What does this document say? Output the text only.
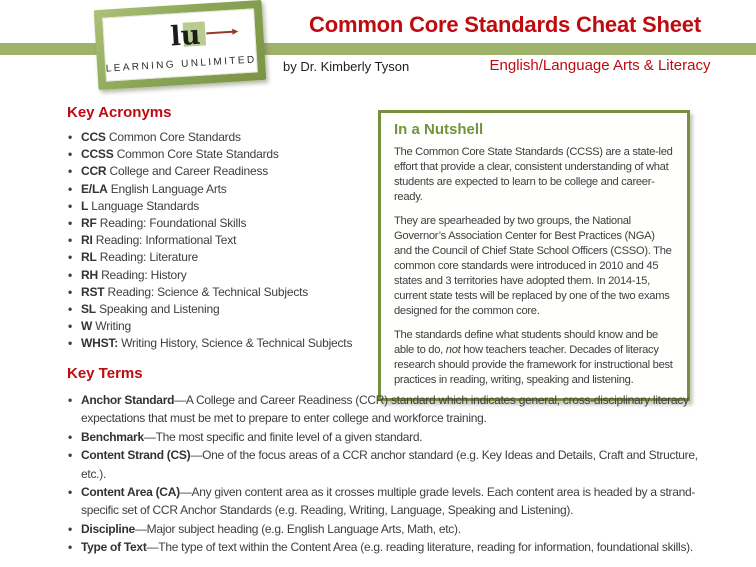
lu
LEARNING UNLIMITED
Common Core Standards Cheat Sheet
by Dr. Kimberly Tyson	English/Language Arts & Literacy
Key Acronyms
• CCS Common Core Standards
• CCSS Common Core State Standards
• CCR College and Career Readiness
• E/LA English Language Arts
• L Language Standards
• RF Reading: Foundational Skills
• RI Reading: Informational Text
• RL Reading: Literature
• RH Reading: History
• RST Reading: Science & Technical Subjects
• SL Speaking and Listening
• W Writing
• WHST: Writing History, Science & Technical Subjects
In a Nutshell

The Common Core State Standards (CCSS) are a state-led effort that provide a clear, consistent understanding of what students are expected to learn to be college and career-ready.

They are spearheaded by two groups, the National Governor’s Association Center for Best Practices (NGA) and the Council of Chief State School Officers (CSSO). The common core standards were introduced in 2010 and 45 states and 3 territories have adopted them. In 2014-15, current state tests will be replaced by one of the two exams designed for the common core.

The standards define what students should know and be able to do, not how teachers teacher. Decades of literacy research should provide the framework for instructional best practices in reading, writing, speaking and listening.

Key Terms
• Anchor Standard—A College and Career Readiness (CCR) standard which indicates general, cross-disciplinary literacy expectations that must be met to prepare to enter college and workforce training.
• Benchmark—The most specific and finite level of a given standard.
• Content Strand (CS)—One of the focus areas of a CCR anchor standard (e.g. Key Ideas and Details, Craft and Structure, etc.).
• Content Area (CA)—Any given content area as it crosses multiple grade levels. Each content area is headed by a strand-specific set of CCR Anchor Standards (e.g. Reading, Writing, Language, Speaking and Listening).
• Discipline—Major subject heading (e.g. English Language Arts, Math, etc).
• Type of Text—The type of text within the Content Area (e.g. reading literature, reading for information, foundational skills).
